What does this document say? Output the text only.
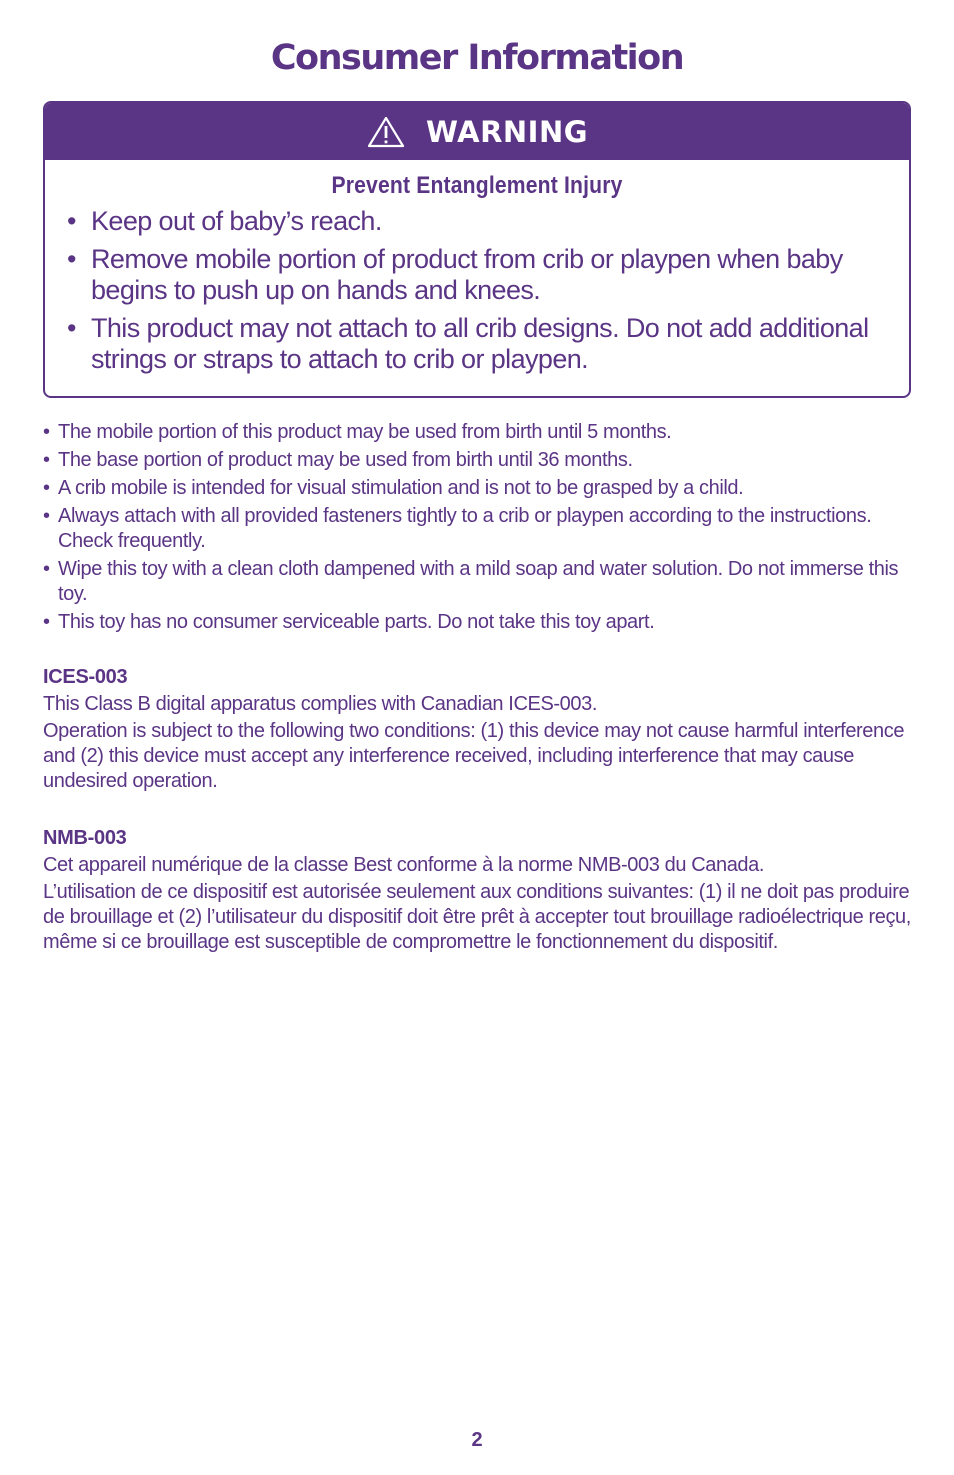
Consumer Information
WARNING
Prevent Entanglement Injury
• Keep out of baby’s reach.
• Remove mobile portion of product from crib or playpen when baby begins to push up on hands and knees.
• This product may not attach to all crib designs. Do not add additional strings or straps to attach to crib or playpen.
• The mobile portion of this product may be used from birth until 5 months.
• The base portion of product may be used from birth until 36 months.
• A crib mobile is intended for visual stimulation and is not to be grasped by a child.
• Always attach with all provided fasteners tightly to a crib or playpen according to the instructions. Check frequently.
• Wipe this toy with a clean cloth dampened with a mild soap and water solution. Do not immerse this toy.
• This toy has no consumer serviceable parts. Do not take this toy apart.
ICES-003
This Class B digital apparatus complies with Canadian ICES-003.
Operation is subject to the following two conditions: (1) this device may not cause harmful interference and (2) this device must accept any interference received, including interference that may cause undesired operation.
NMB-003
Cet appareil numérique de la classe Best conforme à la norme NMB-003 du Canada.
L’utilisation de ce dispositif est autorisée seulement aux conditions suivantes: (1) il ne doit pas produire de brouillage et (2) l’utilisateur du dispositif doit être prêt à accepter tout brouillage radioélectrique reçu, même si ce brouillage est susceptible de compromettre le fonctionnement du dispositif.
2
